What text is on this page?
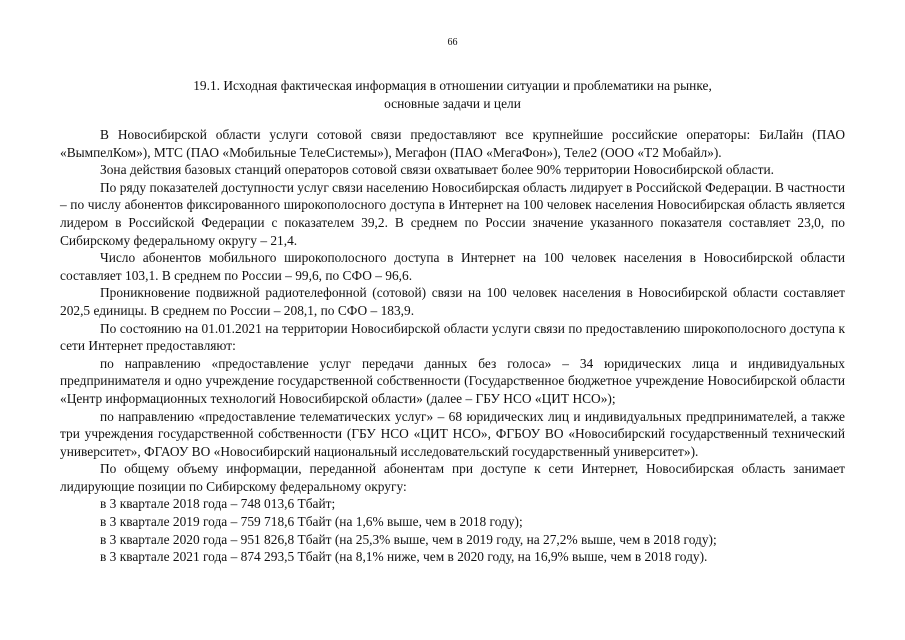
66
19.1. Исходная фактическая информация в отношении ситуации и проблематики на рынке,
основные задачи и цели

В Новосибирской области услуги сотовой связи предоставляют все крупнейшие российские операторы: БиЛайн (ПАО «ВымпелКом»), МТС (ПАО «Мобильные ТелеСистемы»), Мегафон (ПАО «МегаФон»), Теле2 (ООО «Т2 Мобайл»).

Зона действия базовых станций операторов сотовой связи охватывает более 90% территории Новосибирской области.

По ряду показателей доступности услуг связи населению Новосибирская область лидирует в Российской Федерации. В частности – по числу абонентов фиксированного широкополосного доступа в Интернет на 100 человек населения Новосибирская область является лидером в Российской Федерации с показателем 39,2. В среднем по России значение указанного показателя составляет 23,0, по Сибирскому федеральному округу – 21,4.

Число абонентов мобильного широкополосного доступа в Интернет на 100 человек населения в Новосибирской области составляет 103,1. В среднем по России – 99,6, по СФО – 96,6.

Проникновение подвижной радиотелефонной (сотовой) связи на 100 человек населения в Новосибирской области составляет 202,5 единицы. В среднем по России – 208,1, по СФО – 183,9.

По состоянию на 01.01.2021 на территории Новосибирской области услуги связи по предоставлению широкополосного доступа к сети Интернет предоставляют:

по направлению «предоставление услуг передачи данных без голоса» – 34 юридических лица и индивидуальных предпринимателя и одно учреждение государственной собственности (Государственное бюджетное учреждение Новосибирской области «Центр информационных технологий Новосибирской области» (далее – ГБУ НСО «ЦИТ НСО»);

по направлению «предоставление телематических услуг» – 68 юридических лиц и индивидуальных предпринимателей, а также три учреждения государственной собственности (ГБУ НСО «ЦИТ НСО», ФГБОУ ВО «Новосибирский государственный технический университет», ФГАОУ ВО «Новосибирский национальный исследовательский государственный университет»).

По общему объему информации, переданной абонентам при доступе к сети Интернет, Новосибирская область занимает лидирующие позиции по Сибирскому федеральному округу:

в 3 квартале 2018 года – 748 013,6 Тбайт;

в 3 квартале 2019 года – 759 718,6 Тбайт (на 1,6% выше, чем в 2018 году);

в 3 квартале 2020 года – 951 826,8 Тбайт (на 25,3% выше, чем в 2019 году, на 27,2% выше, чем в 2018 году);

в 3 квартале 2021 года – 874 293,5 Тбайт (на 8,1% ниже, чем в 2020 году, на 16,9% выше, чем в 2018 году).
